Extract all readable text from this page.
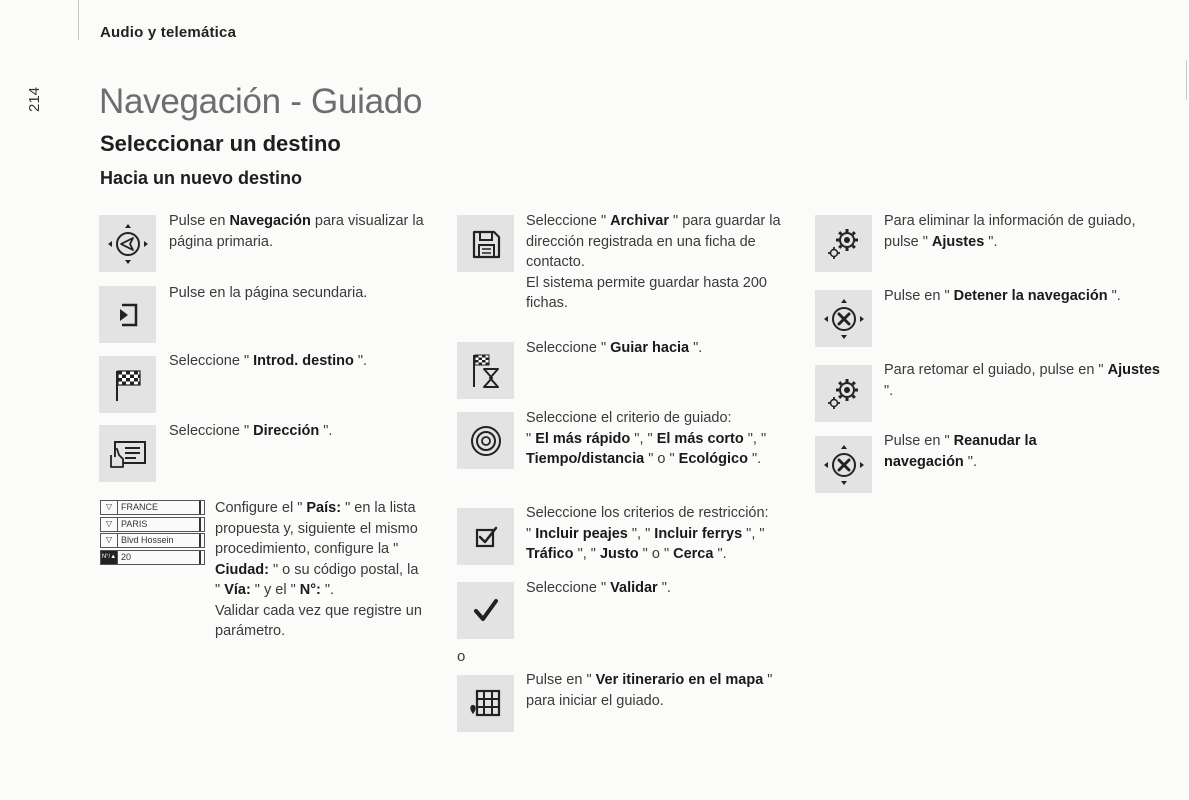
Audio y telemática
214 Navegación - Guiado
Seleccionar un destino
Hacia un nuevo destino
Pulse en Navegación para visualizar la página primaria.
Pulse en la página secundaria.
Seleccione " Introd. destino ".
Seleccione " Dirección ".
▽ FRANCE
▽ PARIS
▽ Blvd Hossein
N°/▲ 20
Configure el " País: " en la lista propuesta y, siguiente el mismo procedimiento, configure la " Ciudad: " o su código postal, la " Vía: " y el " N°: ".
Validar cada vez que registre un parámetro.
Seleccione " Archivar " para guardar la dirección registrada en una ficha de contacto.
El sistema permite guardar hasta 200 fichas.
Seleccione " Guiar hacia ".
Seleccione el criterio de guiado:
" El más rápido ", " El más corto ", " Tiempo/distancia " o " Ecológico ".
Seleccione los criterios de restricción:
" Incluir peajes ", " Incluir ferrys ", " Tráfico ", " Justo " o " Cerca ".
Seleccione " Validar ".
o
Pulse en " Ver itinerario en el mapa " para iniciar el guiado.
Para eliminar la información de guiado, pulse " Ajustes ".
Pulse en " Detener la navegación ".
Para retomar el guiado, pulse en " Ajustes ".
Pulse en " Reanudar la navegación ".
